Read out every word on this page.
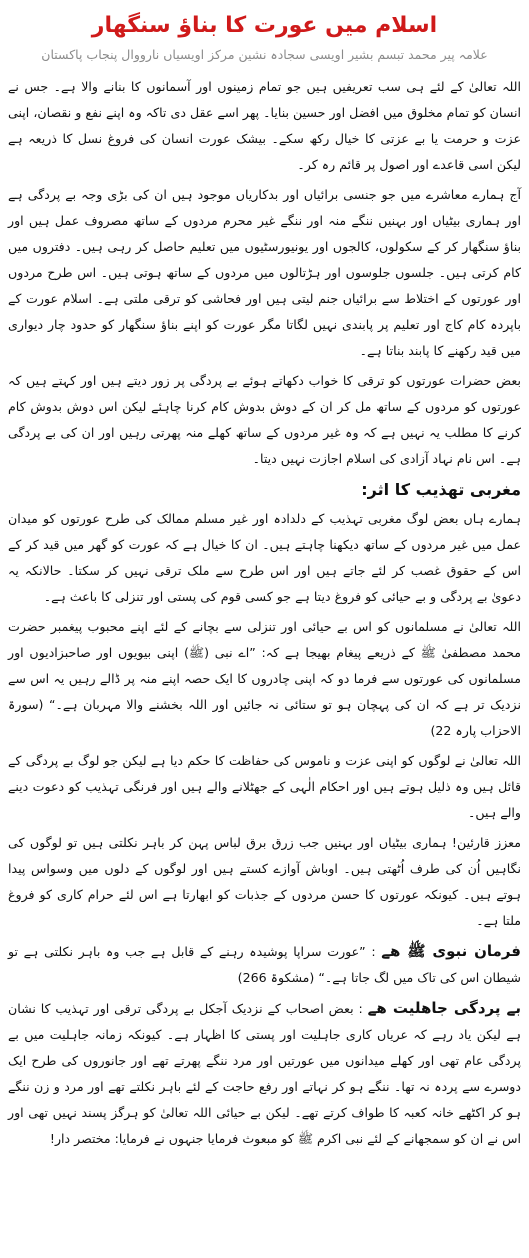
اسلام میں عورت کا بناؤ سنگھار
علامہ پیر محمد تبسم بشیر اویسی سجادہ نشین مرکز اویسیاں نارووال پنجاب پاکستان

اللہ تعالیٰ کے لئے ہی سب تعریفیں ہیں جو تمام زمینوں اور آسمانوں کا بنانے والا ہے۔ جس نے انسان کو تمام مخلوق میں افضل اور حسین بنایا۔ پھر اسے عقل دی تاکہ وہ اپنے نفع و نقصان، اپنی عزت و حرمت یا بے عزتی کا خیال رکھ سکے۔ بیشک عورت انسان کی فروغ نسل کا ذریعہ ہے لیکن اسی قاعدے اور اصول پر قائم رہ کر۔

آج ہمارے معاشرے میں جو جنسی برائیاں اور بدکاریاں موجود ہیں ان کی بڑی وجہ بے پردگی ہے اور ہماری بیٹیاں اور بہنیں ننگے منہ اور ننگے غیر محرم مردوں کے ساتھ مصروف عمل ہیں اور بناؤ سنگھار کر کے سکولوں، کالجوں اور یونیورسٹیوں میں تعلیم حاصل کر رہی ہیں۔ دفتروں میں کام کرتی ہیں۔ جلسوں جلوسوں اور ہڑتالوں میں مردوں کے ساتھ ہوتی ہیں۔ اس طرح مردوں اور عورتوں کے اختلاط سے برائیاں جنم لیتی ہیں اور فحاشی کو ترقی ملتی ہے۔ اسلام عورت کے باپردہ کام کاج اور تعلیم پر پابندی نہیں لگاتا مگر عورت کو اپنے بناؤ سنگھار کو حدود چار دیواری میں قید رکھنے کا پابند بناتا ہے۔

بعض حضرات عورتوں کو ترقی کا خواب دکھاتے ہوئے بے پردگی پر زور دیتے ہیں اور کہتے ہیں کہ عورتوں کو مردوں کے ساتھ مل کر ان کے دوش بدوش کام کرنا چاہئے لیکن اس دوش بدوش کام کرنے کا مطلب یہ نہیں ہے کہ وہ غیر مردوں کے ساتھ کھلے منہ پھرتی رہیں اور ان کی بے پردگی ہے۔ اس نام نہاد آزادی کی اسلام اجازت نہیں دیتا۔

مغربی تھذیب کا اثر:

ہمارے ہاں بعض لوگ مغربی تہذیب کے دلدادہ اور غیر مسلم ممالک کی طرح عورتوں کو میدان عمل میں غیر مردوں کے ساتھ دیکھنا چاہتے ہیں۔ ان کا خیال ہے کہ عورت کو گھر میں قید کر کے اس کے حقوق غصب کر لئے جاتے ہیں اور اس طرح سے ملک ترقی نہیں کر سکتا۔ حالانکہ یہ دعویٰ بے پردگی و بے حیائی کو فروغ دیتا ہے جو کسی قوم کی پستی اور تنزلی کا باعث ہے۔

اللہ تعالیٰ نے مسلمانوں کو اس بے حیائی اور تنزلی سے بچانے کے لئے اپنے محبوب پیغمبر حضرت محمد مصطفیٰ ﷺ کے ذریعے پیغام بھیجا ہے کہ: ”اے نبی (ﷺ) اپنی بیویوں اور صاحبزادیوں اور مسلمانوں کی عورتوں سے فرما دو کہ اپنی چادروں کا ایک حصہ اپنے منہ پر ڈالے رہیں یہ اس سے نزدیک تر ہے کہ ان کی پہچان ہو تو ستائی نہ جائیں اور اللہ بخشنے والا مہربان ہے۔“ (سورۃ الاحزاب پارہ 22)

اللہ تعالیٰ نے لوگوں کو اپنی عزت و ناموس کی حفاظت کا حکم دیا ہے لیکن جو لوگ بے پردگی کے قائل ہیں وہ ذلیل ہوتے ہیں اور احکام الٰہی کے جھٹلانے والے ہیں اور فرنگی تہذیب کو دعوت دینے والے ہیں۔

معزز قارئین! ہماری بیٹیاں اور بہنیں جب زرق برق لباس پہن کر باہر نکلتی ہیں تو لوگوں کی نگاہیں اُن کی طرف اُٹھتی ہیں۔ اوباش آوازے کستے ہیں اور لوگوں کے دلوں میں وسواس پیدا ہوتے ہیں۔ کیونکہ عورتوں کا حسن مردوں کے جذبات کو ابھارتا ہے اس لئے حرام کاری کو فروغ ملتا ہے۔

فرمان نبوی ﷺ ھے : ”عورت سراپا پوشیدہ رہنے کے قابل ہے جب وہ باہر نکلتی ہے تو شیطان اس کی تاک میں لگ جاتا ہے۔“ (مشکوۃ 266)

بے پردگی جاھلیت ھے : بعض اصحاب کے نزدیک آجکل بے پردگی ترقی اور تہذیب کا نشان ہے لیکن یاد رہے کہ عریاں کاری جاہلیت اور پستی کا اظہار ہے۔ کیونکہ زمانہ جاہلیت میں بے پردگی عام تھی اور کھلے میدانوں میں عورتیں اور مرد ننگے پھرتے تھے اور جانوروں کی طرح ایک دوسرے سے پردہ نہ تھا۔ ننگے ہو کر نہاتے اور رفع حاجت کے لئے باہر نکلتے تھے اور مرد و زن ننگے ہو کر اکٹھے خانہ کعبہ کا طواف کرتے تھے۔ لیکن بے حیائی اللہ تعالیٰ کو ہرگز پسند نہیں تھی اور اس نے ان کو سمجھانے کے لئے نبی اکرم ﷺ کو مبعوث فرمایا جنہوں نے فرمایا: مختصر دار!
